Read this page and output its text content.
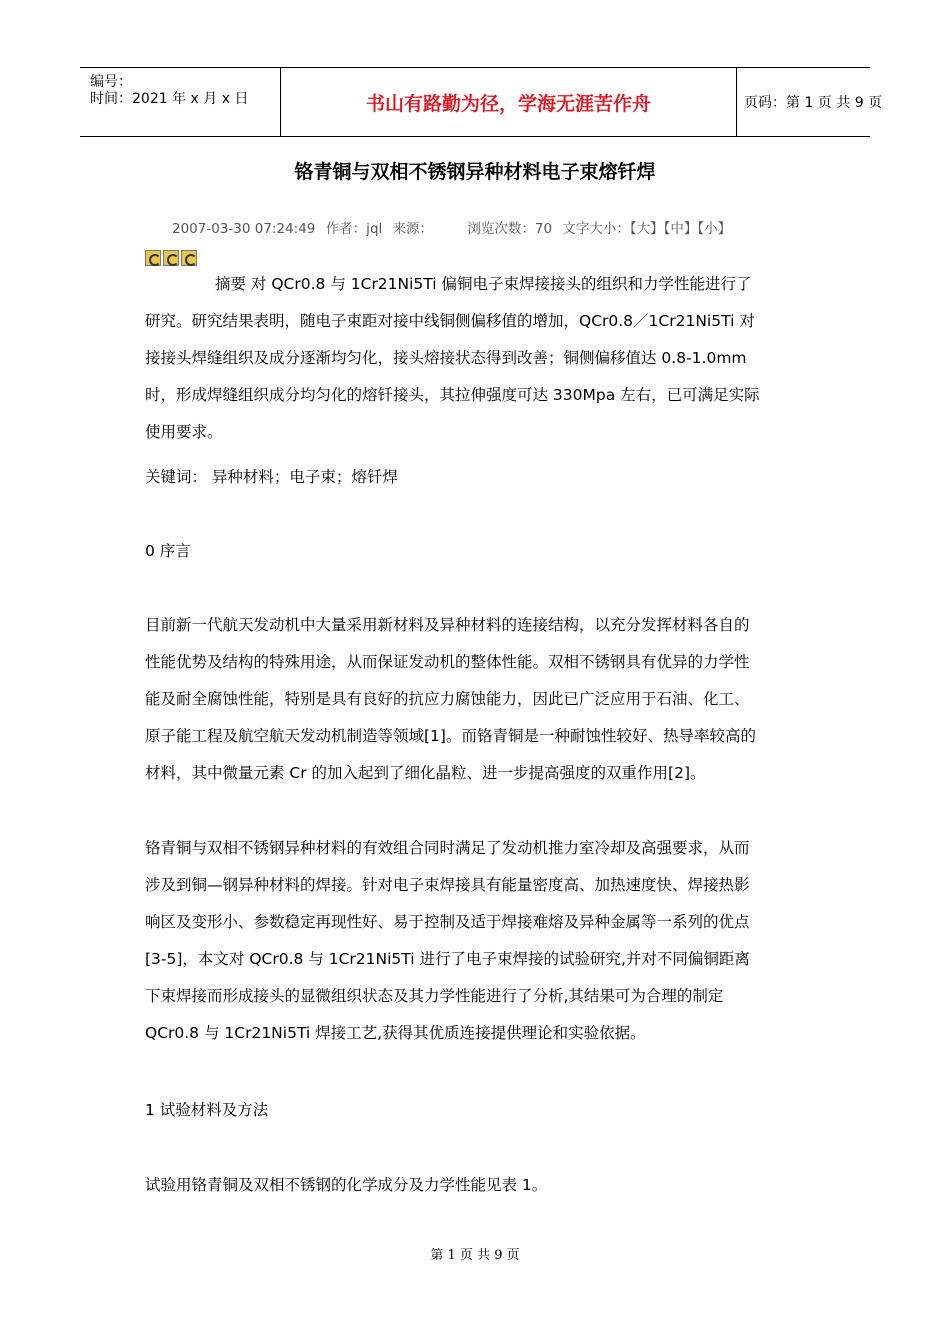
编号：
时间：2021 年 x 月 x 日	书山有路勤为径，学海无涯苦作舟	页码：第 1 页 共 9 页
铬青铜与双相不锈钢异种材料电子束熔钎焊
2007-03-30 07:24:49 作者：jql 来源：	浏览次数：70 文字大小：【大】【中】【小】
摘要 对 QCr0.8 与 1Cr21Ni5Ti 偏铜电子束焊接接头的组织和力学性能进行了
研究。研究结果表明，随电子束距对接中线铜侧偏移值的增加，QCr0.8／1Cr21Ni5Ti 对
接接头焊缝组织及成分逐渐均匀化，接头熔接状态得到改善；铜侧偏移值达 0.8-1.0mm
时，形成焊缝组织成分均匀化的熔钎接头，其拉伸强度可达 330Mpa 左右，已可满足实际
使用要求。
关键词： 异种材料；电子束；熔钎焊
0 序言
目前新一代航天发动机中大量采用新材料及异种材料的连接结构，以充分发挥材料各自的
性能优势及结构的特殊用途，从而保证发动机的整体性能。双相不锈钢具有优异的力学性
能及耐全腐蚀性能，特别是具有良好的抗应力腐蚀能力，因此已广泛应用于石油、化工、
原子能工程及航空航天发动机制造等领域[1]。而铬青铜是一种耐蚀性较好、热导率较高的
材料，其中微量元素 Cr 的加入起到了细化晶粒、进一步提高强度的双重作用[2]。
铬青铜与双相不锈钢异种材料的有效组合同时满足了发动机推力室冷却及高强要求，从而
涉及到铜—钢异种材料的焊接。针对电子束焊接具有能量密度高、加热速度快、焊接热影
响区及变形小、参数稳定再现性好、易于控制及适于焊接难熔及异种金属等一系列的优点
[3-5]，本文对 QCr0.8 与 1Cr21Ni5Ti 进行了电子束焊接的试验研究,并对不同偏铜距离
下束焊接而形成接头的显微组织状态及其力学性能进行了分析,其结果可为合理的制定
QCr0.8 与 1Cr21Ni5Ti 焊接工艺,获得其优质连接提供理论和实验依据。
1 试验材料及方法
试验用铬青铜及双相不锈钢的化学成分及力学性能见表 1。
第 1 页 共 9 页
